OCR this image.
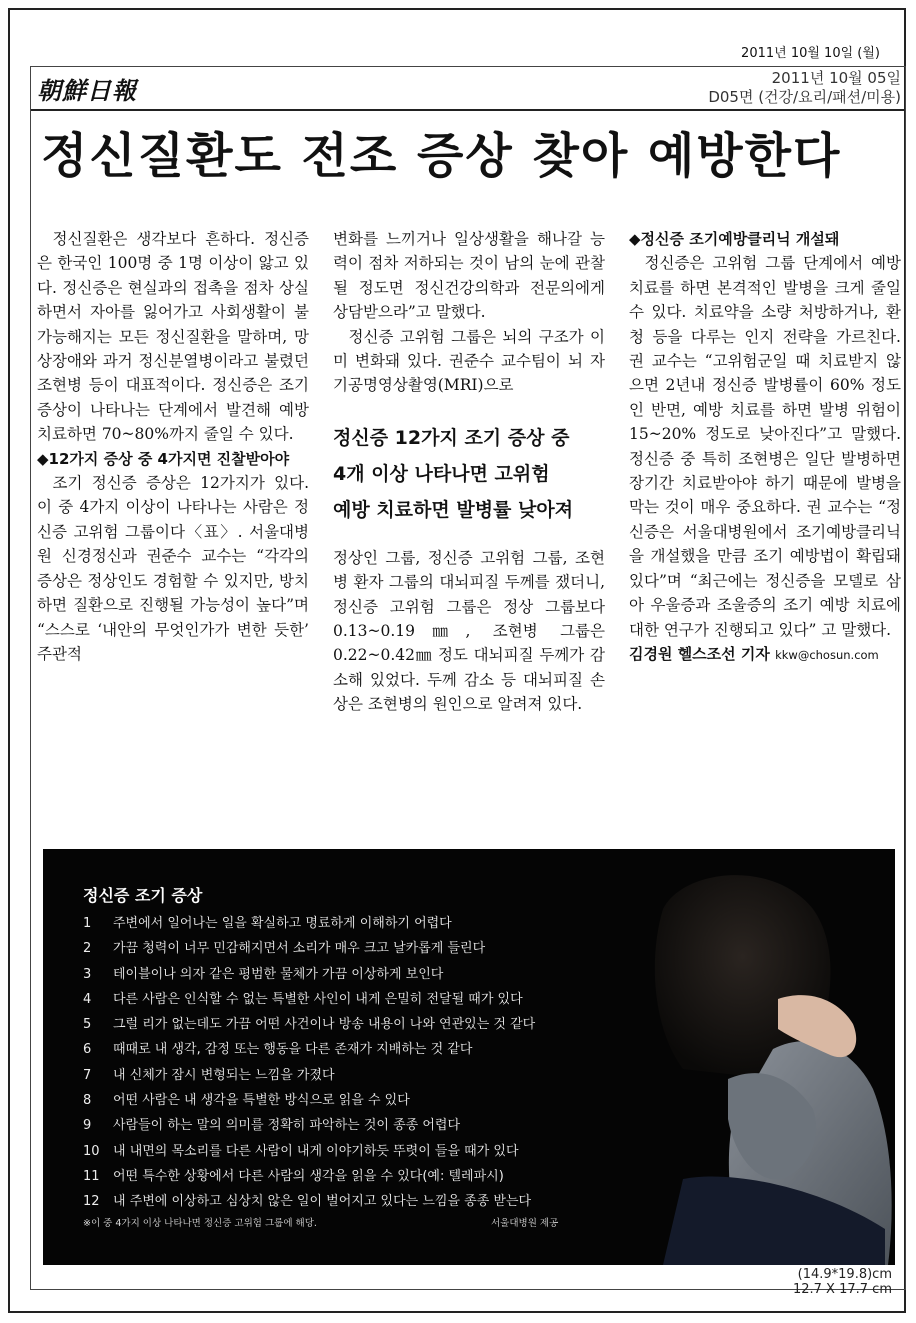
2011년 10월 10일 (월)
朝鮮日報	2011년 10월 05일
D05면 (건강/요리/패션/미용)
정신질환도 전조 증상 찾아 예방한다

정신질환은 생각보다 흔하다. 정신증은 한국인 100명 중 1명 이상이 앓고 있다. 정신증은 현실과의 접촉을 점차 상실하면서 자아를 잃어가고 사회생활이 불가능해지는 모든 정신질환을 말하며, 망상장애와 과거 정신분열병이라고 불렸던 조현병 등이 대표적이다. 정신증은 조기 증상이 나타나는 단계에서 발견해 예방 치료하면 70~80%까지 줄일 수 있다.

◆12가지 증상 중 4가지면 진찰받아야

조기 정신증 증상은 12가지가 있다. 이 중 4가지 이상이 나타나는 사람은 정신증 고위험 그룹이다〈표〉. 서울대병원 신경정신과 권준수 교수는 “각각의 증상은 정상인도 경험할 수 있지만, 방치하면 질환으로 진행될 가능성이 높다”며 “스스로 ‘내안의 무엇인가가 변한 듯한’ 주관적

변화를 느끼거나 일상생활을 해나갈 능력이 점차 저하되는 것이 남의 눈에 관찰될 정도면 정신건강의학과 전문의에게 상담받으라”고 말했다.

정신증 고위험 그룹은 뇌의 구조가 이미 변화돼 있다. 권준수 교수팀이 뇌 자기공명영상촬영(MRI)으로

정신증 12가지 조기 증상 중
4개 이상 나타나면 고위험
예방 치료하면 발병률 낮아져

정상인 그룹, 정신증 고위험 그룹, 조현병 환자 그룹의 대뇌피질 두께를 쟀더니, 정신증 고위험 그룹은 정상 그룹보다 0.13~0.19㎜, 조현병 그룹은 0.22~0.42㎜ 정도 대뇌피질 두께가 감소해 있었다. 두께 감소 등 대뇌피질 손상은 조현병의 원인으로 알려져 있다.

◆정신증 조기예방클리닉 개설돼

정신증은 고위험 그룹 단계에서 예방치료를 하면 본격적인 발병을 크게 줄일 수 있다. 치료약을 소량 처방하거나, 환청 등을 다루는 인지 전략을 가르친다. 권 교수는 “고위험군일 때 치료받지 않으면 2년내 정신증 발병률이 60% 정도인 반면, 예방 치료를 하면 발병 위험이 15~20% 정도로 낮아진다”고 말했다. 정신증 중 특히 조현병은 일단 발병하면 장기간 치료받아야 하기 때문에 발병을 막는 것이 매우 중요하다. 권 교수는 “정신증은 서울대병원에서 조기예방클리닉을 개설했을 만큼 조기 예방법이 확립돼 있다”며 “최근에는 정신증을 모델로 삼아 우울증과 조울증의 조기 예방 치료에 대한 연구가 진행되고 있다” 고 말했다.

김경원 헬스조선 기자 kkw@chosun.com

정신증 조기 증상
1 주변에서 일어나는 일을 확실하고 명료하게 이해하기 어렵다
2 가끔 청력이 너무 민감해지면서 소리가 매우 크고 날카롭게 들린다
3 테이블이나 의자 같은 평범한 물체가 가끔 이상하게 보인다
4 다른 사람은 인식할 수 없는 특별한 사인이 내게 은밀히 전달될 때가 있다
5 그럴 리가 없는데도 가끔 어떤 사건이나 방송 내용이 나와 연관있는 것 같다
6 때때로 내 생각, 감정 또는 행동을 다른 존재가 지배하는 것 같다
7 내 신체가 잠시 변형되는 느낌을 가졌다
8 어떤 사람은 내 생각을 특별한 방식으로 읽을 수 있다
9 사람들이 하는 말의 의미를 정확히 파악하는 것이 종종 어렵다
10 내 내면의 목소리를 다른 사람이 내게 이야기하듯 뚜렷이 들을 때가 있다
11 어떤 특수한 상황에서 다른 사람의 생각을 읽을 수 있다(예: 텔레파시)
12 내 주변에 이상하고 심상치 않은 일이 벌어지고 있다는 느낌을 종종 받는다
※이 중 4가지 이상 나타나면 정신증 고위험 그룹에 해당.	서울대병원 제공
(14.9*19.8)cm
12.7 X 17.7 cm
